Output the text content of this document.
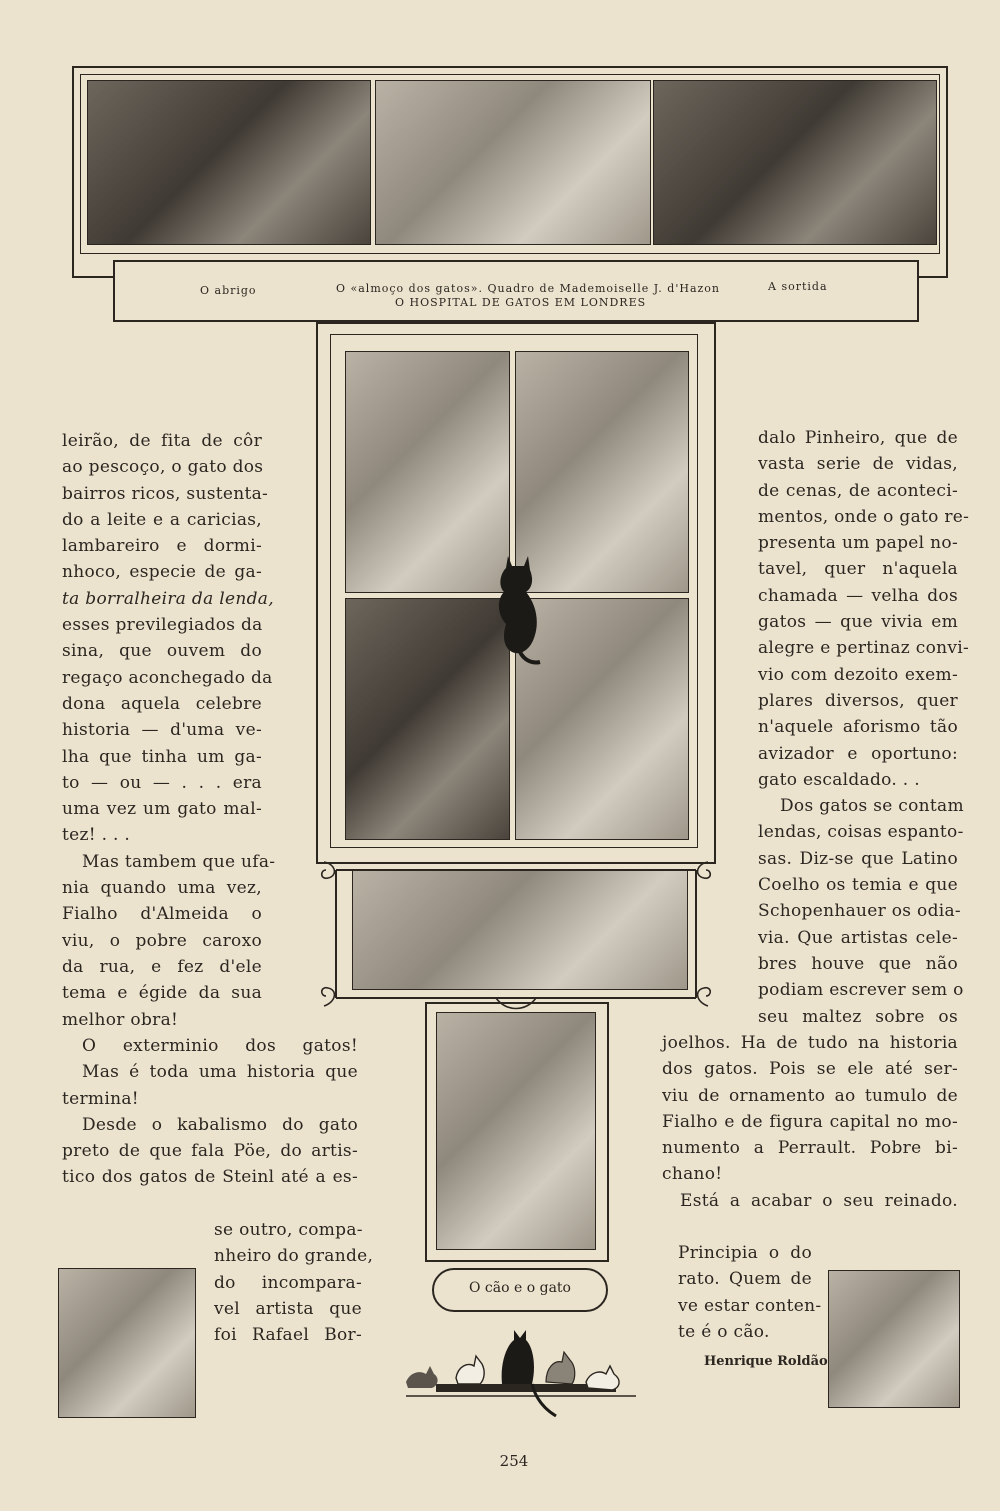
O abrigo	O «almoço dos gatos». Quadro de Mademoiselle J. d'Hazon	A sortida
O HOSPITAL DE GATOS EM LONDRES
O cão e o gato

leirão, de fita de côr

ao pescoço, o gato dos

bairros ricos, sustenta-

do a leite e a caricias,

lambareiro e dormi-

nhoco, especie de ga-

ta borralheira da lenda,

esses previlegiados da

sina, que ouvem do

regaço aconchegado da

dona aquela celebre

historia — d'uma ve-

lha que tinha um ga-

to — ou — . . . era

uma vez um gato mal-

tez! . . .

Mas tambem que ufa-

nia quando uma vez,

Fialho d'Almeida o

viu, o pobre caroxo

da rua, e fez d'ele

tema e égide da sua

melhor obra!

O exterminio dos gatos!

Mas é toda uma historia que

termina!

Desde o kabalismo do gato

preto de que fala Pöe, do artis-

tico dos gatos de Steinl até a es-

se outro, compa-

nheiro do grande,

do incompara-

vel artista que

foi Rafael Bor-

dalo Pinheiro, que de

vasta serie de vidas,

de cenas, de aconteci-

mentos, onde o gato re-

presenta um papel no-

tavel, quer n'aquela

chamada — velha dos

gatos — que vivia em

alegre e pertinaz convi-

vio com dezoito exem-

plares diversos, quer

n'aquele aforismo tão

avizador e oportuno:

gato escaldado. . .

Dos gatos se contam

lendas, coisas espanto-

sas. Diz-se que Latino

Coelho os temia e que

Schopenhauer os odia-

via. Que artistas cele-

bres houve que não

podiam escrever sem o

seu maltez sobre os

joelhos. Ha de tudo na historia

dos gatos. Pois se ele até ser-

viu de ornamento ao tumulo de

Fialho e de figura capital no mo-

numento a Perrault. Pobre bi-

chano!

Está a acabar o seu reinado.

Principia o do

rato. Quem de

ve estar conten-

te é o cão.

Henrique Roldão
254
